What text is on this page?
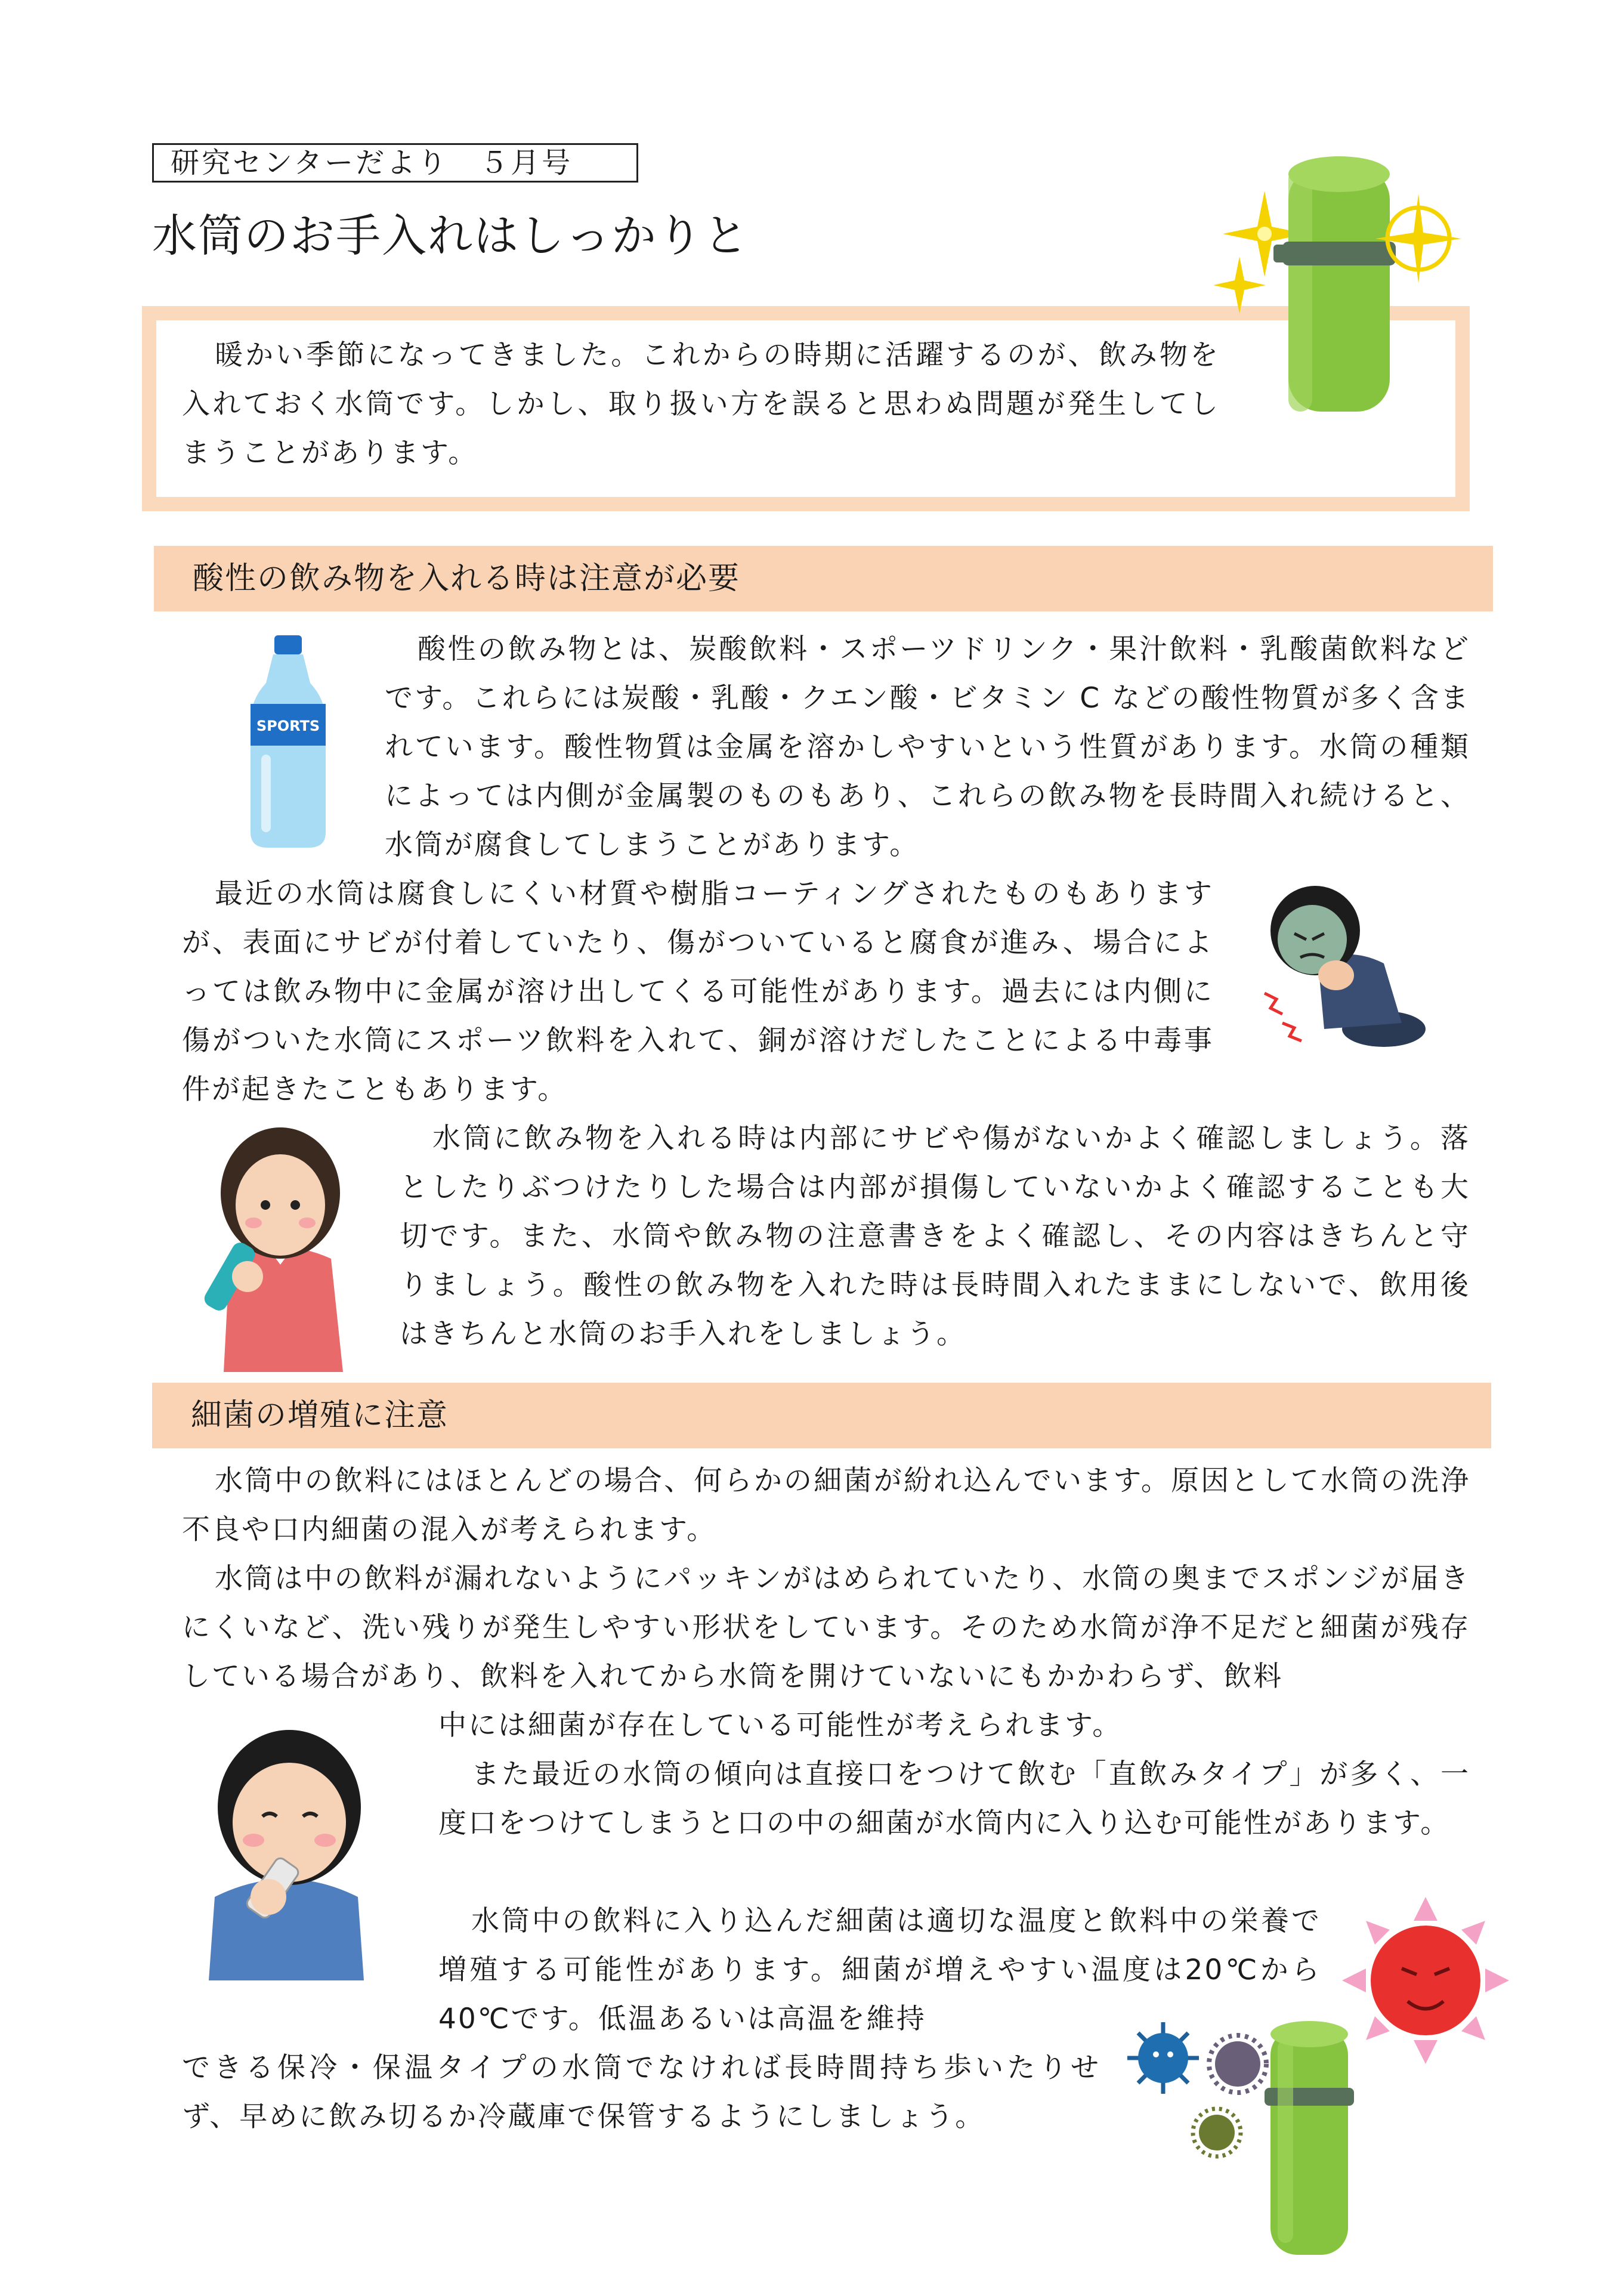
研究センターだより　５月号
水筒のお手入れはしっかりと
暖かい季節になってきました。これからの時期に活躍するのが、飲み物を入れておく水筒です。しかし、取り扱い方を誤ると思わぬ問題が発生してしまうことがあります。
酸性の飲み物を入れる時は注意が必要
SPORTS
酸性の飲み物とは、炭酸飲料・スポーツドリンク・果汁飲料・乳酸菌飲料などです。これらには炭酸・乳酸・クエン酸・ビタミン C などの酸性物質が多く含まれています。酸性物質は金属を溶かしやすいという性質があります。水筒の種類によっては内側が金属製のものもあり、これらの飲み物を長時間入れ続けると、水筒が腐食してしまうことがあります。
最近の水筒は腐食しにくい材質や樹脂コーティングされたものもありますが、表面にサビが付着していたり、傷がついていると腐食が進み、場合によっては飲み物中に金属が溶け出してくる可能性があります。過去には内側に傷がついた水筒にスポーツ飲料を入れて、銅が溶けだしたことによる中毒事件が起きたこともあります。
水筒に飲み物を入れる時は内部にサビや傷がないかよく確認しましょう。落としたりぶつけたりした場合は内部が損傷していないかよく確認することも大切です。また、水筒や飲み物の注意書きをよく確認し、その内容はきちんと守りましょう。酸性の飲み物を入れた時は長時間入れたままにしないで、飲用後はきちんと水筒のお手入れをしましょう。
細菌の増殖に注意
水筒中の飲料にはほとんどの場合、何らかの細菌が紛れ込んでいます。原因として水筒の洗浄不良や口内細菌の混入が考えられます。
水筒は中の飲料が漏れないようにパッキンがはめられていたり、水筒の奥までスポンジが届きにくいなど、洗い残りが発生しやすい形状をしています。そのため水筒が浄不足だと細菌が残存している場合があり、飲料を入れてから水筒を開けていないにもかかわらず、飲料
中には細菌が存在している可能性が考えられます。
また最近の水筒の傾向は直接口をつけて飲む「直飲みタイプ」が多く、一度口をつけてしまうと口の中の細菌が水筒内に入り込む可能性があります。
水筒中の飲料に入り込んだ細菌は適切な温度と飲料中の栄養で増殖する可能性があります。細菌が増えやすい温度は20℃から 40℃です。低温あるいは高温を維持
できる保冷・保温タイプの水筒でなければ長時間持ち歩いたりせず、早めに飲み切るか冷蔵庫で保管するようにしましょう。
